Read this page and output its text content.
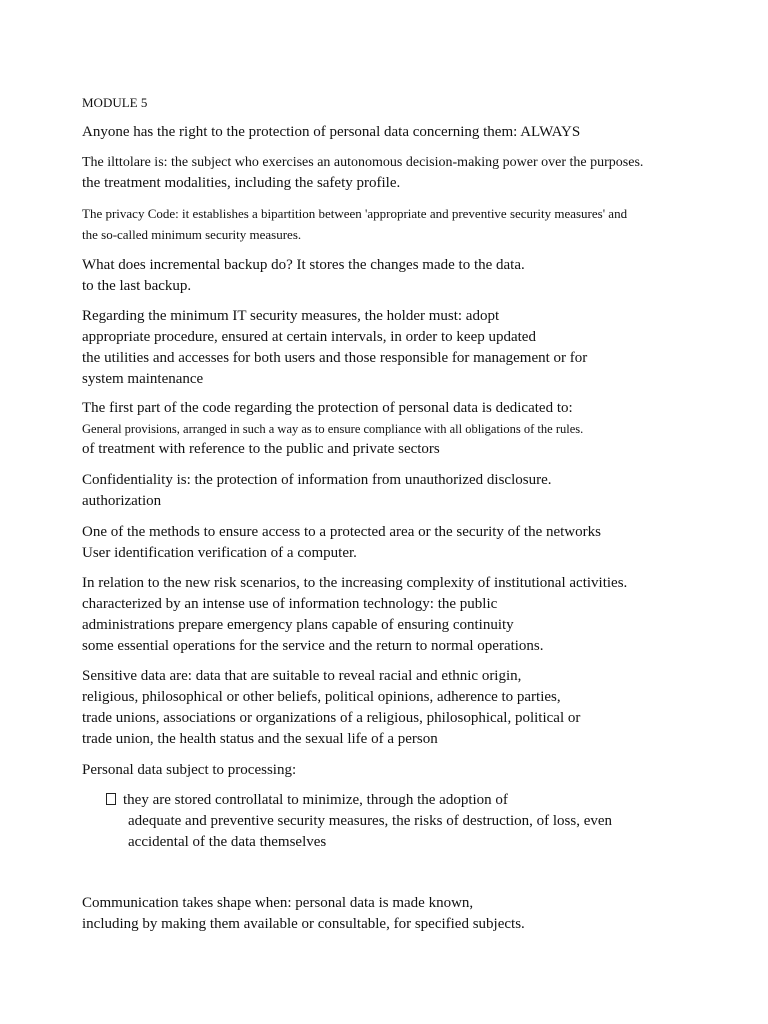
MODULE 5

Anyone has the right to the protection of personal data concerning them: ALWAYS

The ilttolare is: the subject who exercises an autonomous decision-making power over the purposes.
the treatment modalities, including the safety profile.

The privacy Code: it establishes a bipartition between 'appropriate and preventive security measures' and
the so-called minimum security measures.

What does incremental backup do? It stores the changes made to the data.
to the last backup.

Regarding the minimum IT security measures, the holder must: adopt
appropriate procedure, ensured at certain intervals, in order to keep updated
the utilities and accesses for both users and those responsible for management or for
system maintenance

The first part of the code regarding the protection of personal data is dedicated to:
General provisions, arranged in such a way as to ensure compliance with all obligations of the rules.
of treatment with reference to the public and private sectors

Confidentiality is: the protection of information from unauthorized disclosure.
authorization

One of the methods to ensure access to a protected area or the security of the networks
User identification verification of a computer.

In relation to the new risk scenarios, to the increasing complexity of institutional activities.
characterized by an intense use of information technology: the public
administrations prepare emergency plans capable of ensuring continuity
some essential operations for the service and the return to normal operations.

Sensitive data are: data that are suitable to reveal racial and ethnic origin,
religious, philosophical or other beliefs, political opinions, adherence to parties,
trade unions, associations or organizations of a religious, philosophical, political or
trade union, the health status and the sexual life of a person

Personal data subject to processing:

they are stored controllatal to minimize, through the adoption of

adequate and preventive security measures, the risks of destruction, of loss, even
accidental of the data themselves

Communication takes shape when: personal data is made known,
including by making them available or consultable, for specified subjects.
